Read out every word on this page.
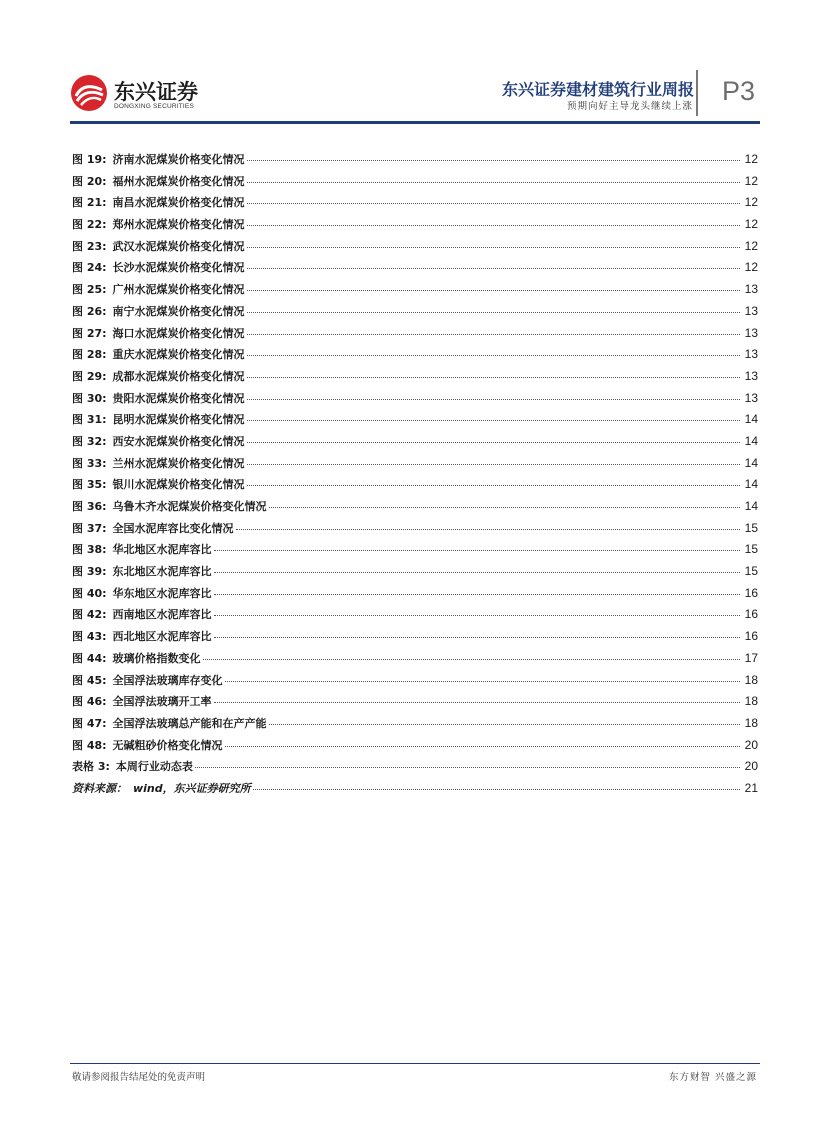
东兴证券
DONGXING SECURITIES
东兴证券建材建筑行业周报
预期向好主导龙头继续上涨
P3
图 19: 济南水泥煤炭价格变化情况	12
图 20: 福州水泥煤炭价格变化情况	12
图 21: 南昌水泥煤炭价格变化情况	12
图 22: 郑州水泥煤炭价格变化情况	12
图 23: 武汉水泥煤炭价格变化情况	12
图 24: 长沙水泥煤炭价格变化情况	12
图 25: 广州水泥煤炭价格变化情况	13
图 26: 南宁水泥煤炭价格变化情况	13
图 27: 海口水泥煤炭价格变化情况	13
图 28: 重庆水泥煤炭价格变化情况	13
图 29: 成都水泥煤炭价格变化情况	13
图 30: 贵阳水泥煤炭价格变化情况	13
图 31: 昆明水泥煤炭价格变化情况	14
图 32: 西安水泥煤炭价格变化情况	14
图 33: 兰州水泥煤炭价格变化情况	14
图 35: 银川水泥煤炭价格变化情况	14
图 36: 乌鲁木齐水泥煤炭价格变化情况	14
图 37: 全国水泥库容比变化情况	15
图 38: 华北地区水泥库容比	15
图 39: 东北地区水泥库容比	15
图 40: 华东地区水泥库容比	16
图 42: 西南地区水泥库容比	16
图 43: 西北地区水泥库容比	16
图 44: 玻璃价格指数变化	17
图 45: 全国浮法玻璃库存变化	18
图 46: 全国浮法玻璃开工率	18
图 47: 全国浮法玻璃总产能和在产产能	18
图 48: 无碱粗砂价格变化情况	20
表格 3: 本周行业动态表	20
资料来源： wind，东兴证券研究所	21
敬请参阅报告结尾处的免责声明	东方财智 兴盛之源
